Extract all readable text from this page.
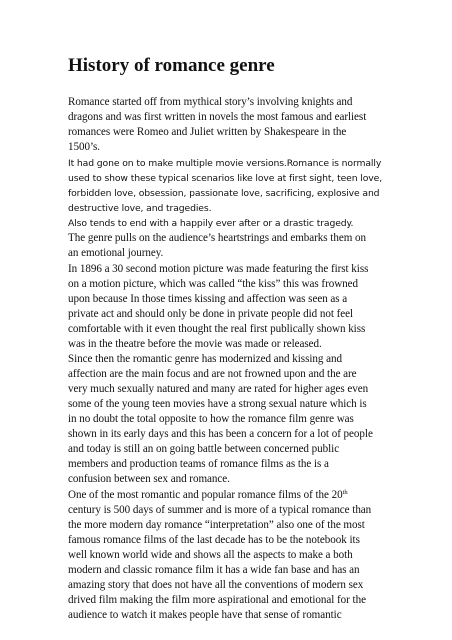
History of romance genre
Romance started off from mythical story’s involving knights and
dragons and was first written in novels the most famous and earliest
romances were Romeo and Juliet written by Shakespeare in the
1500’s.
It had gone on to make multiple movie versions.Romance is normally
used to show these typical scenarios like love at first sight, teen love,
forbidden love, obsession, passionate love, sacrificing, explosive and
destructive love, and tragedies.
Also tends to end with a happily ever after or a drastic tragedy.
The genre pulls on the audience’s heartstrings and embarks them on
an emotional journey.
In 1896 a 30 second motion picture was made featuring the first kiss
on a motion picture, which was called “the kiss” this was frowned
upon because In those times kissing and affection was seen as a
private act and should only be done in private people did not feel
comfortable with it even thought the real first publically shown kiss
was in the theatre before the movie was made or released.
Since then the romantic genre has modernized and kissing and
affection are the main focus and are not frowned upon and the are
very much sexually natured and many are rated for higher ages even
some of the young teen movies have a strong sexual nature which is
in no doubt the total opposite to how the romance film genre was
shown in its early days and this has been a concern for a lot of people
and today is still an on going battle between concerned public
members and production teams of romance films as the is a
confusion between sex and romance.
One of the most romantic and popular romance films of the 20th
century is 500 days of summer and is more of a typical romance than
the more modern day romance “interpretation” also one of the most
famous romance films of the last decade has to be the notebook its
well known world wide and shows all the aspects to make a both
modern and classic romance film it has a wide fan base and has an
amazing story that does not have all the conventions of modern sex
drived film making the film more aspirational and emotional for the
audience to watch it makes people have that sense of romantic
